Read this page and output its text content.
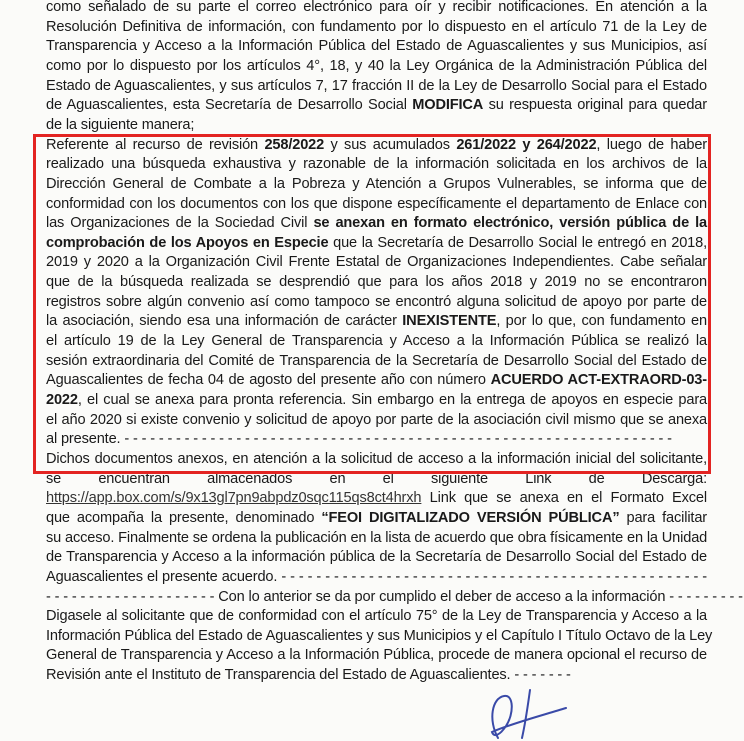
como señalado de su parte el correo electrónico para oír y recibir notificaciones. En atención a la
Resolución Definitiva de información, con fundamento por lo dispuesto en el artículo 71 de la Ley de
Transparencia y Acceso a la Información Pública del Estado de Aguascalientes y sus Municipios, así
como por lo dispuesto por los artículos 4°, 18, y 40 la Ley Orgánica de la Administración Pública del
Estado de Aguascalientes, y sus artículos 7, 17 fracción II de la Ley de Desarrollo Social para el Estado
de Aguascalientes, esta Secretaría de Desarrollo Social MODIFICA su respuesta original para quedar
de la siguiente manera;
Referente al recurso de revisión 258/2022 y sus acumulados 261/2022 y 264/2022, luego de haber
realizado una búsqueda exhaustiva y razonable de la información solicitada en los archivos de la
Dirección General de Combate a la Pobreza y Atención a Grupos Vulnerables, se informa que de
conformidad con los documentos con los que dispone específicamente el departamento de Enlace con
las Organizaciones de la Sociedad Civil se anexan en formato electrónico, versión pública de la
comprobación de los Apoyos en Especie que la Secretaría de Desarrollo Social le entregó en 2018,
2019 y 2020 a la Organización Civil Frente Estatal de Organizaciones Independientes. Cabe señalar
que de la búsqueda realizada se desprendió que para los años 2018 y 2019 no se encontraron
registros sobre algún convenio así como tampoco se encontró alguna solicitud de apoyo por parte de
la asociación, siendo esa una información de carácter INEXISTENTE, por lo que, con fundamento en
el artículo 19 de la Ley General de Transparencia y Acceso a la Información Pública se realizó la
sesión extraordinaria del Comité de Transparencia de la Secretaría de Desarrollo Social del Estado de
Aguascalientes de fecha 04 de agosto del presente año con número ACUERDO ACT-EXTRAORD-03-
2022, el cual se anexa para pronta referencia. Sin embargo en la entrega de apoyos en especie para
el año 2020 si existe convenio y solicitud de apoyo por parte de la asociación civil mismo que se anexa
al presente. - - - - - - - - - - - - - - - - - - - - - - - - - - - - - - - - - - - - - - - - - - - - - - - - - - - - - - - - - - - - - - - -
Dichos documentos anexos, en atención a la solicitud de acceso a la información inicial del solicitante,
se encuentran almacenados en el siguiente Link de Descarga:
https://app.box.com/s/9x13gl7pn9abpdz0sqc115qs8ct4hrxh Link que se anexa en el Formato Excel
que acompaña la presente, denominado “FEOI DIGITALIZADO VERSIÓN PÚBLICA” para facilitar
su acceso. Finalmente se ordena la publicación en la lista de acuerdo que obra físicamente en la Unidad
de Transparencia y Acceso a la información pública de la Secretaría de Desarrollo Social del Estado de
Aguascalientes el presente acuerdo. - - - - - - - - - - - - - - - - - - - - - - - - - - - - - - - - - - - - - - - - - - - - - - - - -
- - - - - - - - - - - - - - - - - - - - Con lo anterior se da por cumplido el deber de acceso a la información - - - - - - - - -
Digasele al solicitante que de conformidad con el artículo 75° de la Ley de Transparencia y Acceso a la
Información Pública del Estado de Aguascalientes y sus Municipios y el Capítulo I Título Octavo de la Ley
General de Transparencia y Acceso a la Información Pública, procede de manera opcional el recurso de
Revisión ante el Instituto de Transparencia del Estado de Aguascalientes. - - - - - - -
